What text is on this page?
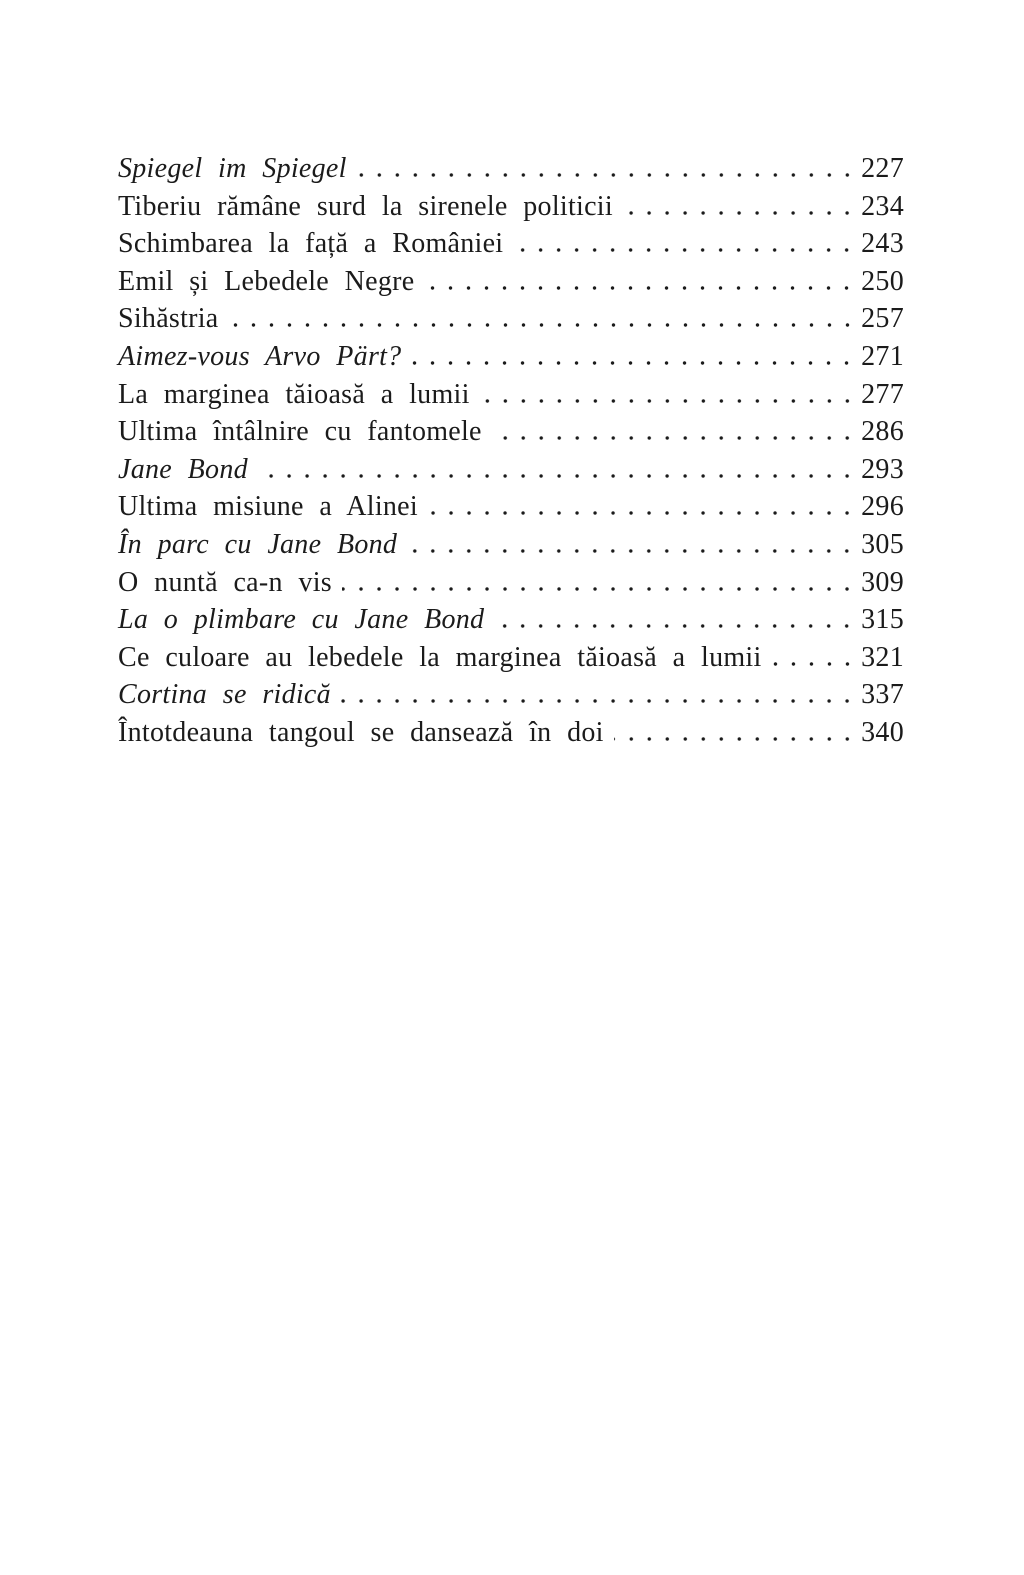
Spiegel im Spiegel	227
Tiberiu rămâne surd la sirenele politicii	234
Schimbarea la față a României	243
Emil și Lebedele Negre	250
Sihăstria	257
Aimez-vous Arvo Pärt?	271
La marginea tăioasă a lumii	277
Ultima întâlnire cu fantomele	286
Jane Bond	293
Ultima misiune a Alinei	296
În parc cu Jane Bond	305
O nuntă ca-n vis	309
La o plimbare cu Jane Bond	315
Ce culoare au lebedele la marginea tăioasă a lumii	321
Cortina se ridică	337
Întotdeauna tangoul se dansează în doi	340
